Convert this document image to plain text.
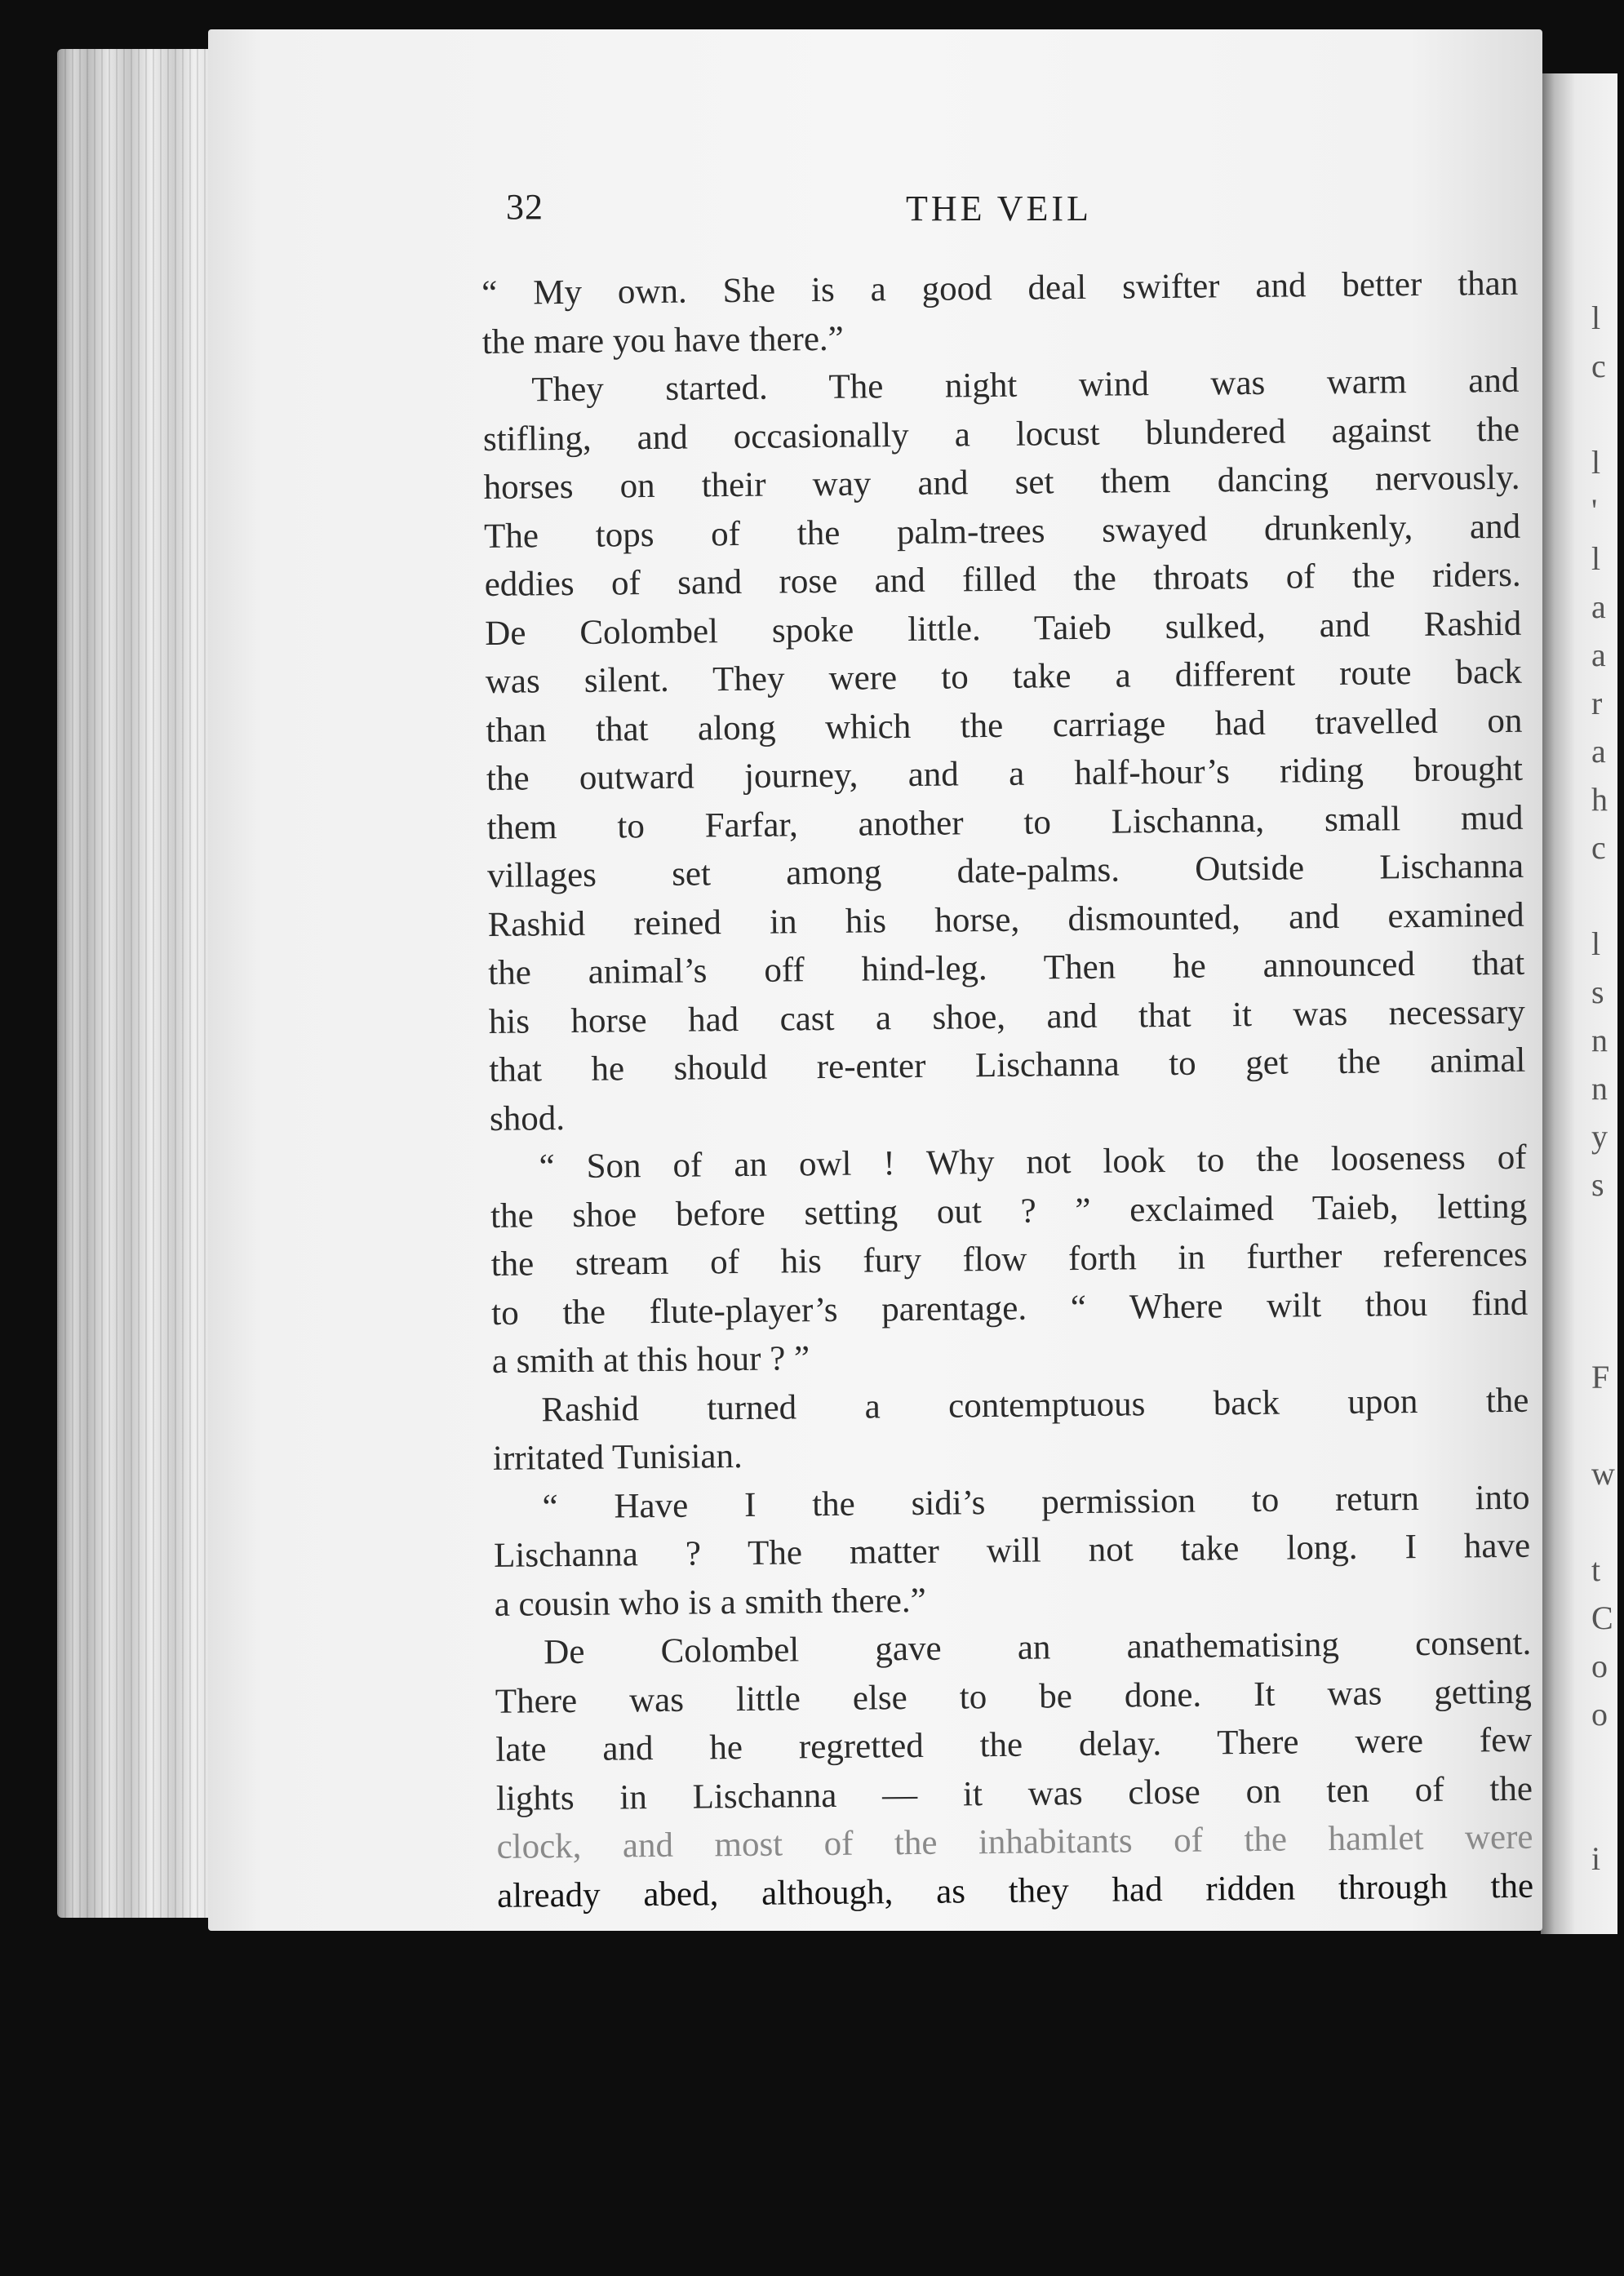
l
c

l
'
l
a
a
r
a
h
c

l
s
n
n
y
s

F

w

t
C
o
o

i
32	THE VEIL
“ My own. She is a good deal swifter and better than
the mare you have there.”
They started. The night wind was warm and
stifling, and occasionally a locust blundered against the
horses on their way and set them dancing nervously.
The tops of the palm-trees swayed drunkenly, and
eddies of sand rose and filled the throats of the riders.
De Colombel spoke little. Taieb sulked, and Rashid
was silent. They were to take a different route back
than that along which the carriage had travelled on
the outward journey, and a half-hour’s riding brought
them to Farfar, another to Lischanna, small mud
villages set among date-palms. Outside Lischanna
Rashid reined in his horse, dismounted, and examined
the animal’s off hind-leg. Then he announced that
his horse had cast a shoe, and that it was necessary
that he should re-enter Lischanna to get the animal
shod.
“ Son of an owl ! Why not look to the looseness of
the shoe before setting out ? ” exclaimed Taieb, letting
the stream of his fury flow forth in further references
to the flute-player’s parentage. “ Where wilt thou find
a smith at this hour ? ”
Rashid turned a contemptuous back upon the
irritated Tunisian.
“ Have I the sidi’s permission to return into
Lischanna ? The matter will not take long. I have
a cousin who is a smith there.”
De Colombel gave an anathematising consent.
There was little else to be done. It was getting
late and he regretted the delay. There were few
lights in Lischanna — it was close on ten of the
clock, and most of the inhabitants of the hamlet were
already abed, although, as they had ridden through the
